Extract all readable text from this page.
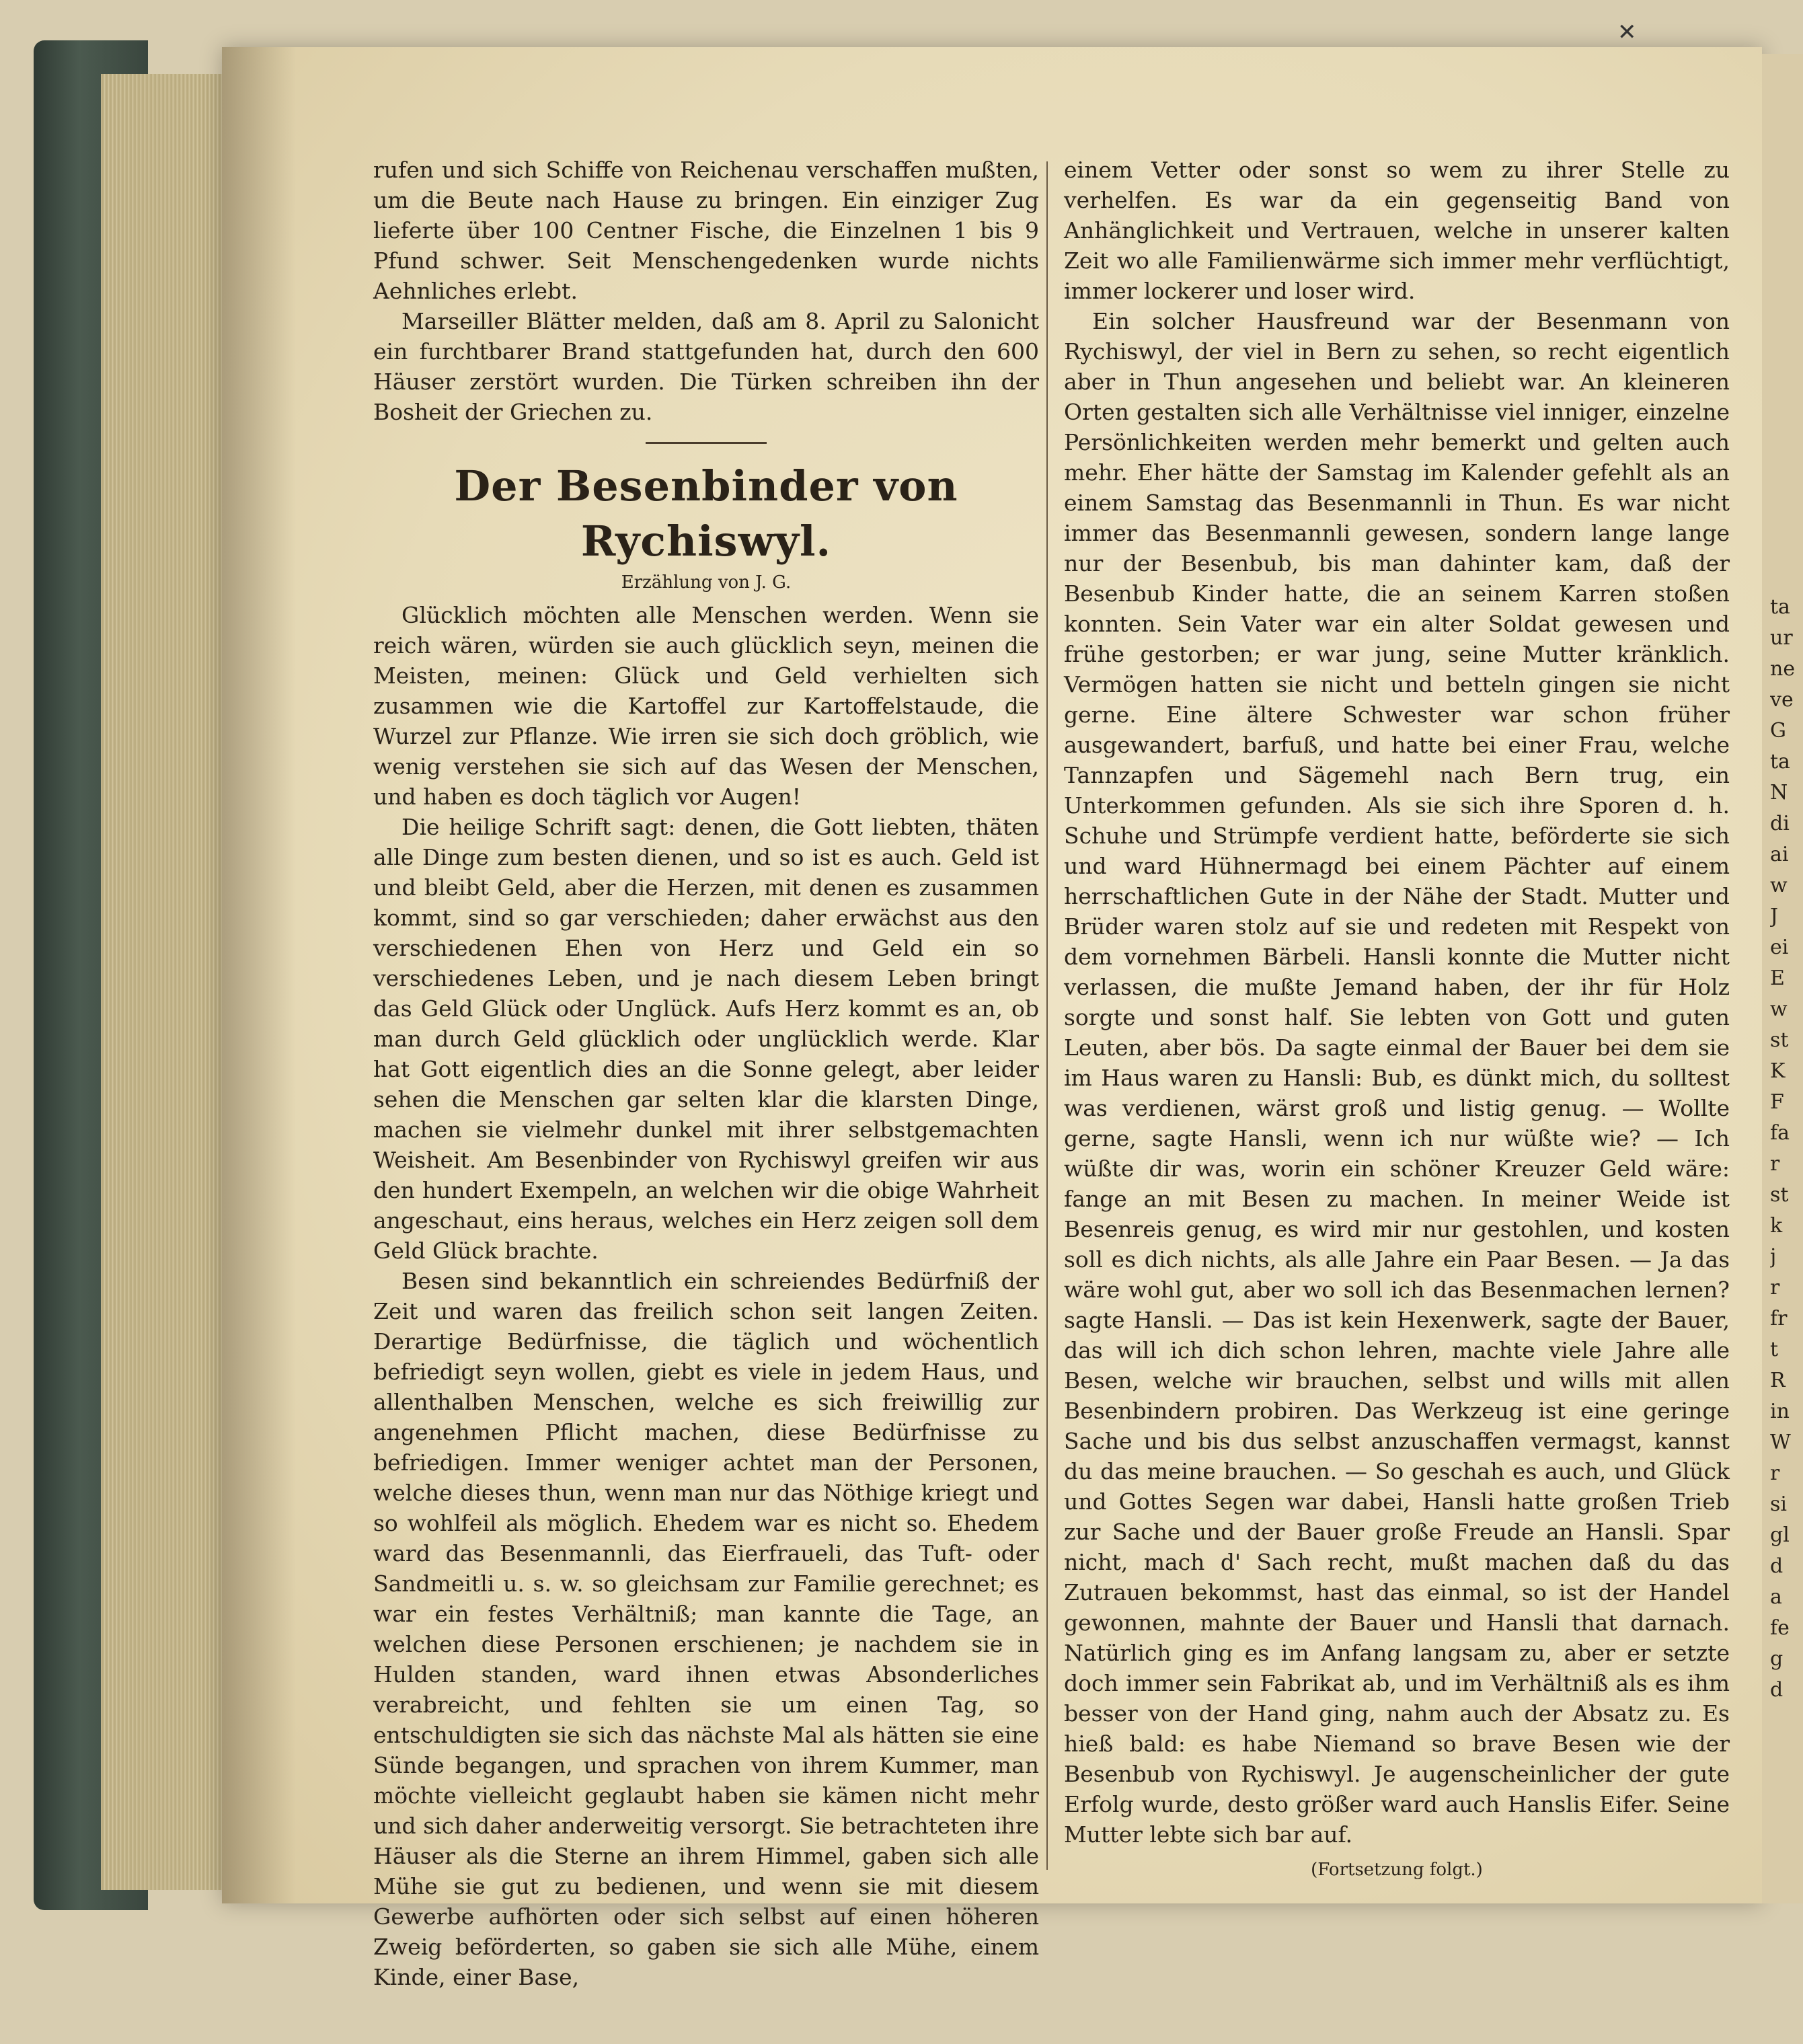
✕

rufen und sich Schiffe von Reichenau verschaffen mußten, um die Beute nach Hause zu bringen. Ein einziger Zug lieferte über 100 Centner Fische, die Einzelnen 1 bis 9 Pfund schwer. Seit Menschengedenken wurde nichts Aehnliches erlebt.

Marseiller Blätter melden, daß am 8. April zu Salonicht ein furchtbarer Brand stattgefunden hat, durch den 600 Häuser zerstört wurden. Die Türken schreiben ihn der Bosheit der Griechen zu.

Der Besenbinder von Rychiswyl.
Erzählung von J. G.

Glücklich möchten alle Menschen werden. Wenn sie reich wären, würden sie auch glücklich seyn, meinen die Meisten, meinen: Glück und Geld verhielten sich zusammen wie die Kartoffel zur Kartoffelstaude, die Wurzel zur Pflanze. Wie irren sie sich doch gröblich, wie wenig verstehen sie sich auf das Wesen der Menschen, und haben es doch täglich vor Augen!

Die heilige Schrift sagt: denen, die Gott liebten, thäten alle Dinge zum besten dienen, und so ist es auch. Geld ist und bleibt Geld, aber die Herzen, mit denen es zusammen kommt, sind so gar verschieden; daher erwächst aus den verschiedenen Ehen von Herz und Geld ein so verschiedenes Leben, und je nach diesem Leben bringt das Geld Glück oder Unglück. Aufs Herz kommt es an, ob man durch Geld glücklich oder unglücklich werde. Klar hat Gott eigentlich dies an die Sonne gelegt, aber leider sehen die Menschen gar selten klar die klarsten Dinge, machen sie vielmehr dunkel mit ihrer selbstgemachten Weisheit. Am Besenbinder von Rychiswyl greifen wir aus den hundert Exempeln, an welchen wir die obige Wahrheit angeschaut, eins heraus, welches ein Herz zeigen soll dem Geld Glück brachte.

Besen sind bekanntlich ein schreiendes Bedürfniß der Zeit und waren das freilich schon seit langen Zeiten. Derartige Bedürfnisse, die täglich und wöchentlich befriedigt seyn wollen, giebt es viele in jedem Haus, und allenthalben Menschen, welche es sich freiwillig zur angenehmen Pflicht machen, diese Bedürfnisse zu befriedigen. Immer weniger achtet man der Personen, welche dieses thun, wenn man nur das Nöthige kriegt und so wohlfeil als möglich. Ehedem war es nicht so. Ehedem ward das Besenmannli, das Eierfraueli, das Tuft- oder Sandmeitli u. s. w. so gleichsam zur Familie gerechnet; es war ein festes Verhältniß; man kannte die Tage, an welchen diese Personen erschienen; je nachdem sie in Hulden standen, ward ihnen etwas Absonderliches verabreicht, und fehlten sie um einen Tag, so entschuldigten sie sich das nächste Mal als hätten sie eine Sünde begangen, und sprachen von ihrem Kummer, man möchte vielleicht geglaubt haben sie kämen nicht mehr und sich daher anderweitig versorgt. Sie betrachteten ihre Häuser als die Sterne an ihrem Himmel, gaben sich alle Mühe sie gut zu bedienen, und wenn sie mit diesem Gewerbe aufhörten oder sich selbst auf einen höheren Zweig beförderten, so gaben sie sich alle Mühe, einem Kinde, einer Base,

einem Vetter oder sonst so wem zu ihrer Stelle zu verhelfen. Es war da ein gegenseitig Band von Anhänglichkeit und Vertrauen, welche in unserer kalten Zeit wo alle Familienwärme sich immer mehr verflüchtigt, immer lockerer und loser wird.

Ein solcher Hausfreund war der Besenmann von Rychiswyl, der viel in Bern zu sehen, so recht eigentlich aber in Thun angesehen und beliebt war. An kleineren Orten gestalten sich alle Verhältnisse viel inniger, einzelne Persönlichkeiten werden mehr bemerkt und gelten auch mehr. Eher hätte der Samstag im Kalender gefehlt als an einem Samstag das Besenmannli in Thun. Es war nicht immer das Besenmannli gewesen, sondern lange lange nur der Besenbub, bis man dahinter kam, daß der Besenbub Kinder hatte, die an seinem Karren stoßen konnten. Sein Vater war ein alter Soldat gewesen und frühe gestorben; er war jung, seine Mutter kränklich. Vermögen hatten sie nicht und betteln gingen sie nicht gerne. Eine ältere Schwester war schon früher ausgewandert, barfuß, und hatte bei einer Frau, welche Tannzapfen und Sägemehl nach Bern trug, ein Unterkommen gefunden. Als sie sich ihre Sporen d. h. Schuhe und Strümpfe verdient hatte, beförderte sie sich und ward Hühnermagd bei einem Pächter auf einem herrschaftlichen Gute in der Nähe der Stadt. Mutter und Brüder waren stolz auf sie und redeten mit Respekt von dem vornehmen Bärbeli. Hansli konnte die Mutter nicht verlassen, die mußte Jemand haben, der ihr für Holz sorgte und sonst half. Sie lebten von Gott und guten Leuten, aber bös. Da sagte einmal der Bauer bei dem sie im Haus waren zu Hansli: Bub, es dünkt mich, du solltest was verdienen, wärst groß und listig genug. — Wollte gerne, sagte Hansli, wenn ich nur wüßte wie? — Ich wüßte dir was, worin ein schöner Kreuzer Geld wäre: fange an mit Besen zu machen. In meiner Weide ist Besenreis genug, es wird mir nur gestohlen, und kosten soll es dich nichts, als alle Jahre ein Paar Besen. — Ja das wäre wohl gut, aber wo soll ich das Besenmachen lernen? sagte Hansli. — Das ist kein Hexenwerk, sagte der Bauer, das will ich dich schon lehren, machte viele Jahre alle Besen, welche wir brauchen, selbst und wills mit allen Besenbindern probiren. Das Werkzeug ist eine geringe Sache und bis dus selbst anzuschaffen vermagst, kannst du das meine brauchen. — So geschah es auch, und Glück und Gottes Segen war dabei, Hansli hatte großen Trieb zur Sache und der Bauer große Freude an Hansli. Spar nicht, mach d' Sach recht, mußt machen daß du das Zutrauen bekommst, hast das einmal, so ist der Handel gewonnen, mahnte der Bauer und Hansli that darnach. Natürlich ging es im Anfang langsam zu, aber er setzte doch immer sein Fabrikat ab, und im Verhältniß als es ihm besser von der Hand ging, nahm auch der Absatz zu. Es hieß bald: es habe Niemand so brave Besen wie der Besenbub von Rychiswyl. Je augenscheinlicher der gute Erfolg wurde, desto größer ward auch Hanslis Eifer. Seine Mutter lebte sich bar auf.

(Fortsetzung folgt.)
ta
ur
ne
ve
G
ta
N
di
ai
w
J
ei
E
w
st
K
F
fa
r
st
k
j
r
fr
t
R
in
W
r
si
gl
d
a
fe
g
d
